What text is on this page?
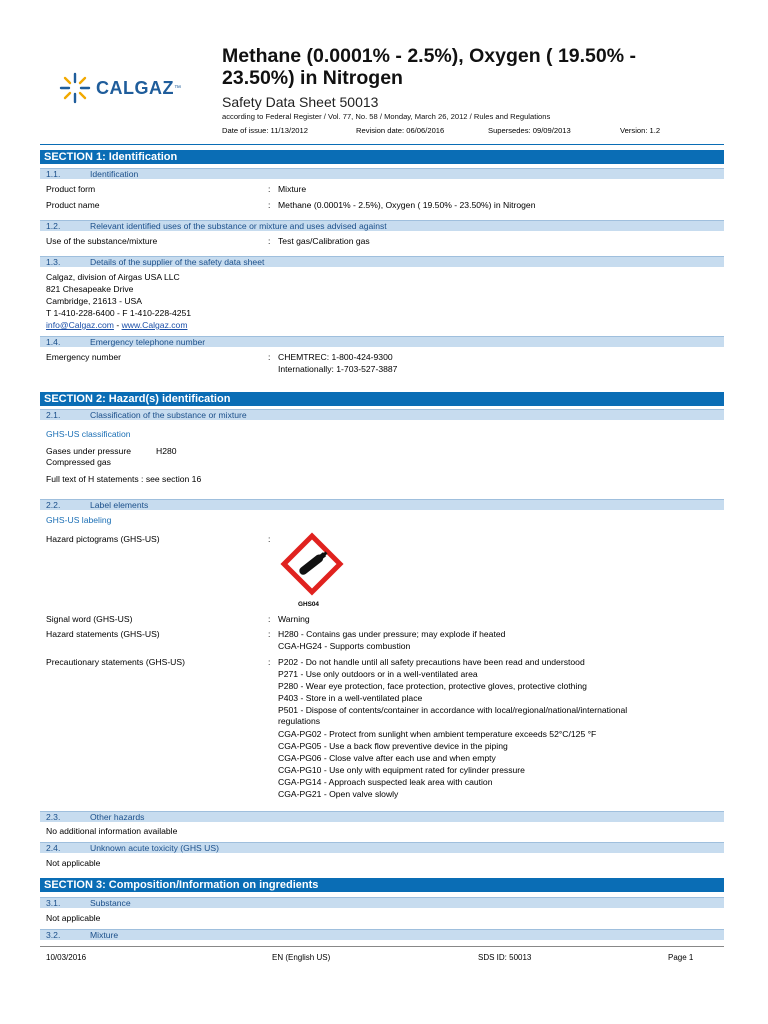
CALGAZ ™
Methane (0.0001% - 2.5%), Oxygen ( 19.50% - 23.50%) in Nitrogen
Safety Data Sheet 50013
according to Federal Register / Vol. 77, No. 58 / Monday, March 26, 2012 / Rules and Regulations
Date of issue: 11/13/2012	Revision date: 06/06/2016	Supersedes: 09/09/2013	Version: 1.2
SECTION 1: Identification
1.1.	Identification
Product form	: Mixture
Product name	: Methane (0.0001% - 2.5%), Oxygen ( 19.50% - 23.50%) in Nitrogen
1.2.	Relevant identified uses of the substance or mixture and uses advised against
Use of the substance/mixture	: Test gas/Calibration gas
1.3.	Details of the supplier of the safety data sheet
Calgaz, division of Airgas USA LLC
821 Chesapeake Drive
Cambridge, 21613 - USA
T 1-410-228-6400 - F 1-410-228-4251
info@Calgaz.com - www.Calgaz.com
1.4.	Emergency telephone number
Emergency number	: CHEMTREC: 1-800-424-9300
Internationally: 1-703-527-3887
SECTION 2: Hazard(s) identification
2.1.	Classification of the substance or mixture
GHS-US classification
Gases under pressure	H280
Compressed gas
Full text of H statements : see section 16
2.2.	Label elements
GHS-US labeling
Hazard pictograms (GHS-US)	:
GHS04
Signal word (GHS-US)	: Warning
Hazard statements (GHS-US)	: H280 - Contains gas under pressure; may explode if heated
CGA-HG24 - Supports combustion
Precautionary statements (GHS-US)	: P202 - Do not handle until all safety precautions have been read and understood
P271 - Use only outdoors or in a well-ventilated area
P280 - Wear eye protection, face protection, protective gloves, protective clothing
P403 - Store in a well-ventilated place
P501 - Dispose of contents/container in accordance with local/regional/national/international
regulations
CGA-PG02 - Protect from sunlight when ambient temperature exceeds 52°C/125 °F
CGA-PG05 - Use a back flow preventive device in the piping
CGA-PG06 - Close valve after each use and when empty
CGA-PG10 - Use only with equipment rated for cylinder pressure
CGA-PG14 - Approach suspected leak area with caution
CGA-PG21 - Open valve slowly
2.3.	Other hazards
No additional information available
2.4.	Unknown acute toxicity (GHS US)
Not applicable
SECTION 3: Composition/Information on ingredients
3.1.	Substance
Not applicable
3.2.	Mixture
10/03/2016	EN (English US)	SDS ID: 50013	Page 1
